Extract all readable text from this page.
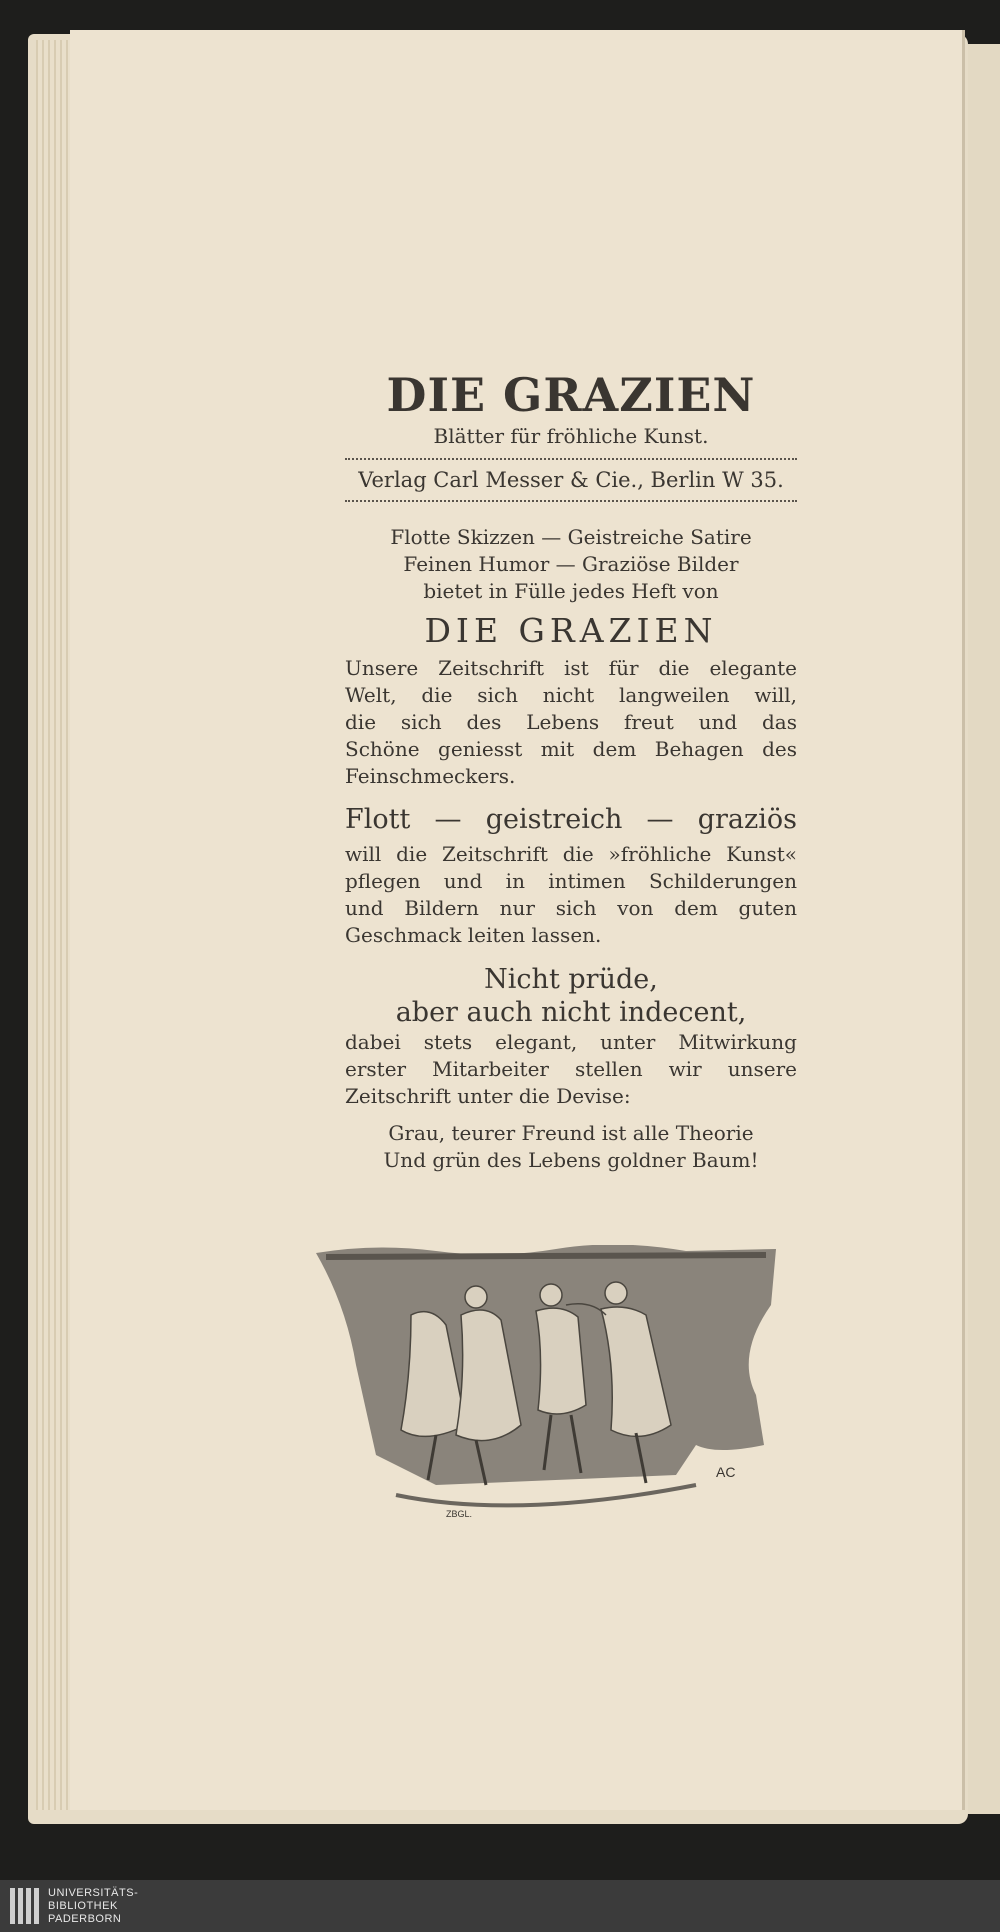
DIE GRAZIEN
Blätter für fröhliche Kunst.
Verlag Carl Messer & Cie., Berlin W 35.
Flotte Skizzen — Geistreiche Satire
Feinen Humor — Graziöse Bilder
bietet in Fülle jedes Heft von
DIE GRAZIEN
Unsere Zeitschrift ist für die elegante
Welt, die sich nicht langweilen will,
die sich des Lebens freut und das
Schöne geniesst mit dem Behagen des
Feinschmeckers.
Flott — geistreich — graziös
will die Zeitschrift die »fröhliche Kunst«
pflegen und in intimen Schilderungen
und Bildern nur sich von dem guten
Geschmack leiten lassen.
Nicht prüde,
aber auch nicht indecent,
dabei stets elegant, unter Mitwirkung
erster Mitarbeiter stellen wir unsere
Zeitschrift unter die Devise:
Grau, teurer Freund ist alle Theorie
Und grün des Lebens goldner Baum!
AC
ZBGL.
UNIVERSITÄTS-
BIBLIOTHEK
PADERBORN
